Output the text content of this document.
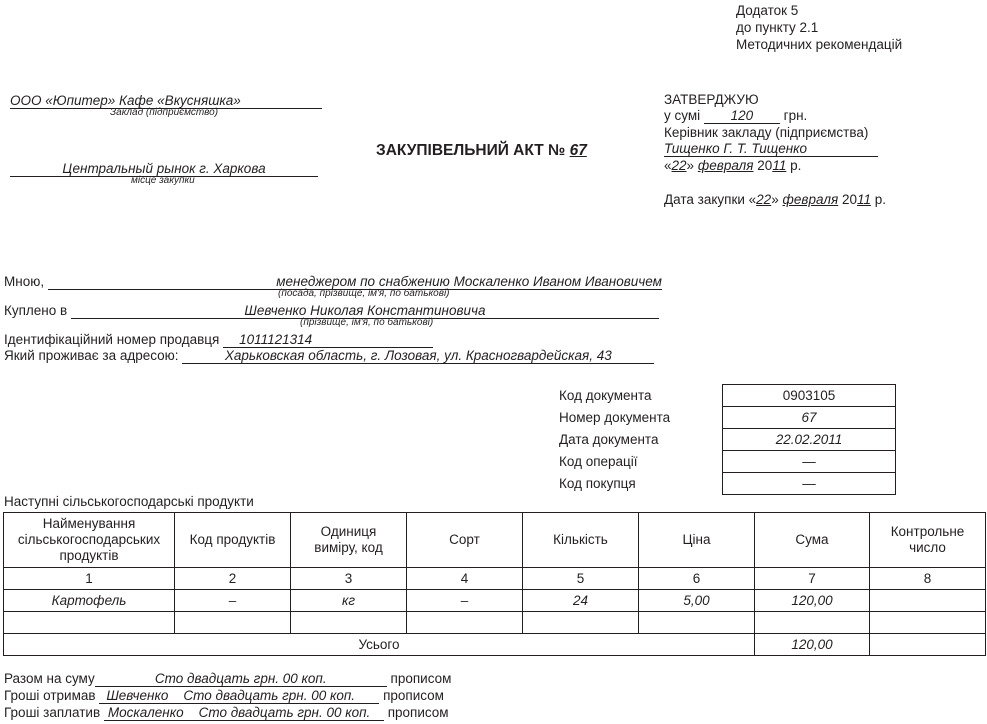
Додаток 5
до пункту 2.1
Методичних рекомендацій
ООО «Юпитер» Кафе «Вкусняшка»
Заклад (підприємство)
Центральный рынок г. Харкова
місце закупки
ЗАКУПІВЕЛЬНИЙ АКТ № 67
ЗАТВЕРДЖУЮ
у сумі 120 грн.
Керівник закладу (підприємства)
Тищенко Г. Т. Тищенко
«22» февраля 2011 р.
Дата закупки «22» февраля 2011 р.
Мною,	менеджером по снабжению Москаленко Иваном Ивановичем
(посада, прізвище, ім'я, по батькові)
Куплено в	Шевченко Николая Константиновича
(прізвище, ім'я, по батькові)
Ідентифікаційний номер продавця 1011121314
Який проживає за адресою:	Харьковская область, г. Лозовая, ул. Красногвардейская, 43
Код документа	0903105
Номер документа	67
Дата документа	22.02.2011
Код операції	—
Код покупця	—
Наступні сільськогосподарські продукти
Найменування сільськогосподарських продуктів	Код продуктів	Одиниця виміру, код	Сорт	Кількість	Ціна	Сума	Контрольне число
1	2	3	4	5	6	7	8
Картофель	–	кг	–	24	5,00	120,00	

Усього						120,00	
Разом на суму	Сто двадцать грн. 00 коп.	прописом
Гроші отримав Шевченко Сто двадцать грн. 00 коп. прописом
Гроші заплатив Москаленко Сто двадцать грн. 00 коп. прописом
